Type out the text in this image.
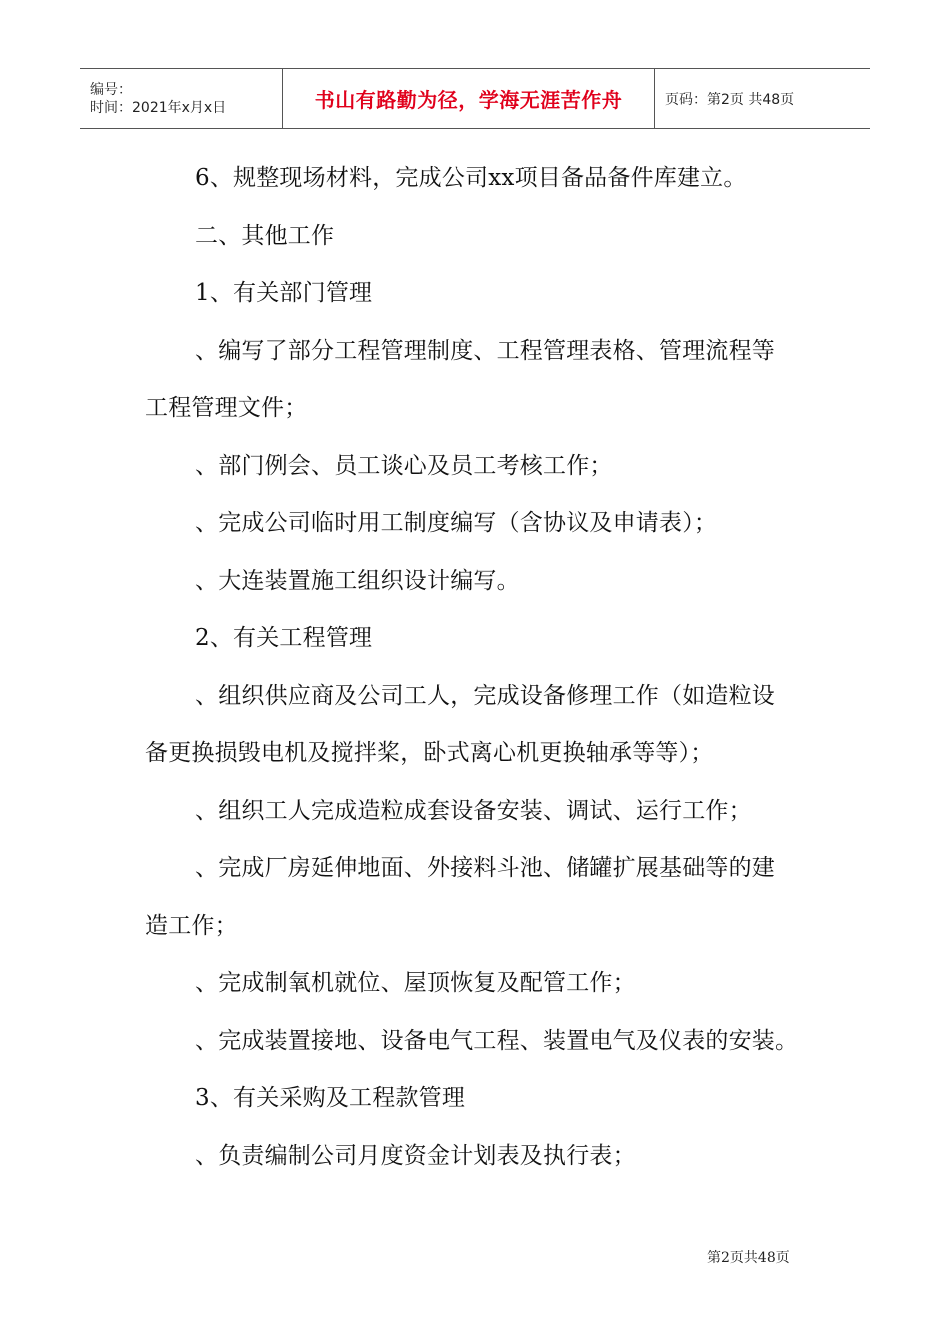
编号：
时间：2021年x月x日	书山有路勤为径，学海无涯苦作舟	页码：第2页 共48页
6、规整现场材料，完成公司xx项目备品备件库建立。
二、其他工作
1、有关部门管理
、编写了部分工程管理制度、工程管理表格、管理流程等
工程管理文件；
、部门例会、员工谈心及员工考核工作；
、完成公司临时用工制度编写（含协议及申请表）；
、大连装置施工组织设计编写。
2、有关工程管理
、组织供应商及公司工人，完成设备修理工作（如造粒设
备更换损毁电机及搅拌桨，卧式离心机更换轴承等等）；
、组织工人完成造粒成套设备安装、调试、运行工作；
、完成厂房延伸地面、外接料斗池、储罐扩展基础等的建
造工作；
、完成制氧机就位、屋顶恢复及配管工作；
、完成装置接地、设备电气工程、装置电气及仪表的安装。
3、有关采购及工程款管理
、负责编制公司月度资金计划表及执行表；
第2页共48页
